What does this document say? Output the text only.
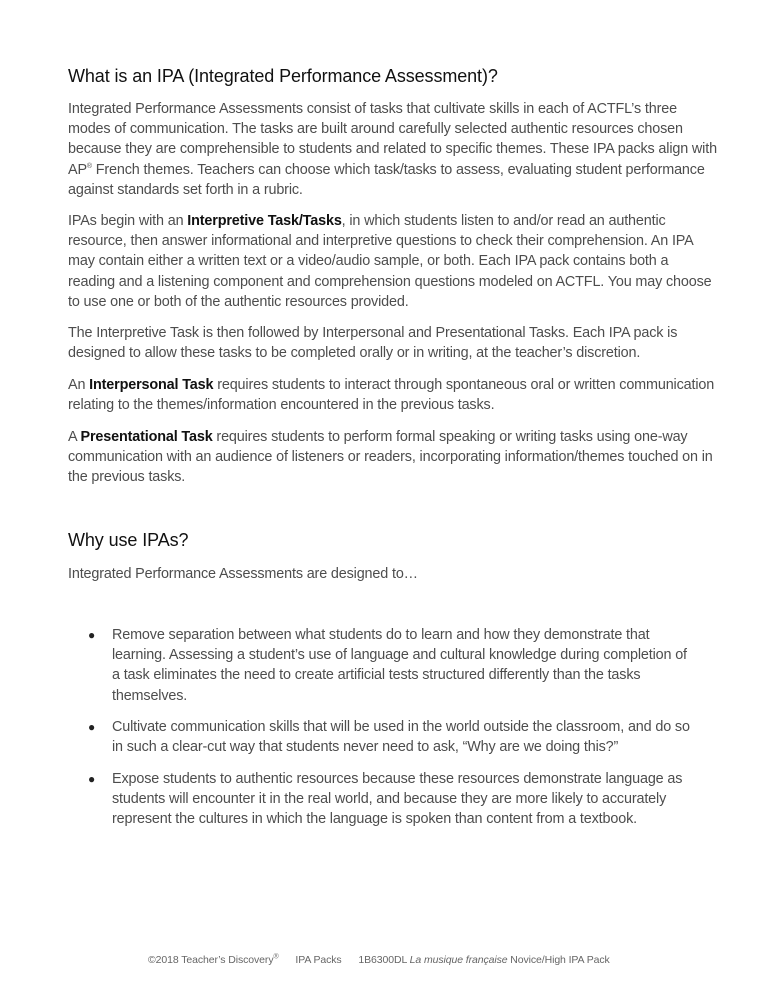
What is an IPA (Integrated Performance Assessment)?

Integrated Performance Assessments consist of tasks that cultivate skills in each of ACTFL’s three modes of communication. The tasks are built around carefully selected authentic resources chosen because they are comprehensible to students and related to specific themes. These IPA packs align with AP® French themes. Teachers can choose which task/tasks to assess, evaluating student performance against standards set forth in a rubric.

IPAs begin with an Interpretive Task/Tasks, in which students listen to and/or read an authentic resource, then answer informational and interpretive questions to check their comprehension. An IPA may contain either a written text or a video/audio sample, or both. Each IPA pack contains both a reading and a listening component and comprehension questions modeled on ACTFL. You may choose to use one or both of the authentic resources provided.

The Interpretive Task is then followed by Interpersonal and Presentational Tasks. Each IPA pack is designed to allow these tasks to be completed orally or in writing, at the teacher’s discretion.

An Interpersonal Task requires students to interact through spontaneous oral or written communication relating to the themes/information encountered in the previous tasks.

A Presentational Task requires students to perform formal speaking or writing tasks using one-way communication with an audience of listeners or readers, incorporating information/themes touched on in the previous tasks.

Why use IPAs?

Integrated Performance Assessments are designed to…

● Remove separation between what students do to learn and how they demonstrate that learning. Assessing a student’s use of language and cultural knowledge during completion of a task eliminates the need to create artificial tests structured differently than the tasks themselves.
● Cultivate communication skills that will be used in the world outside the classroom, and do so in such a clear-cut way that students never need to ask, “Why are we doing this?”
● Expose students to authentic resources because these resources demonstrate language as students will encounter it in the real world, and because they are more likely to accurately represent the cultures in which the language is spoken than content from a textbook.
©2018 Teacher’s Discovery® IPA Packs 1B6300DL La musique française Novice/High IPA Pack
